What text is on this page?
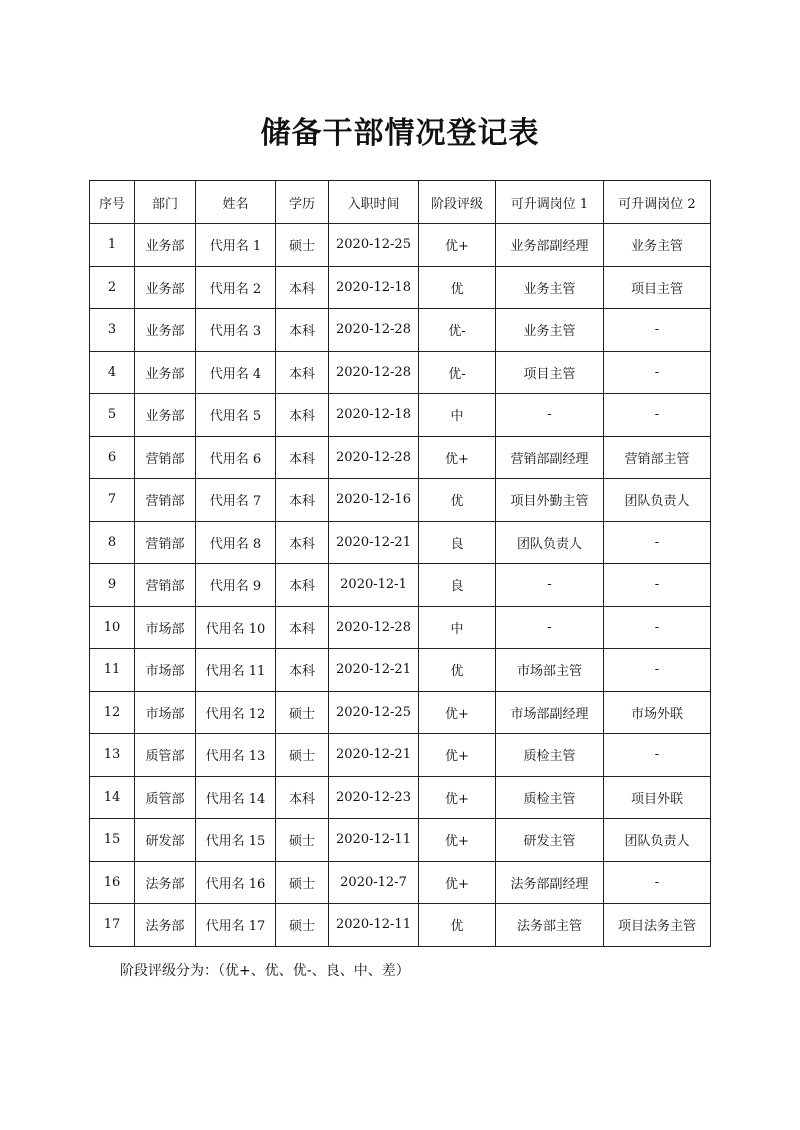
储备干部情况登记表
序号	部门	姓名	学历	入职时间	阶段评级	可升调岗位 1	可升调岗位 2
1	业务部	代用名 1	硕士	2020-12-25	优+	业务部副经理	业务主管
2	业务部	代用名 2	本科	2020-12-18	优	业务主管	项目主管
3	业务部	代用名 3	本科	2020-12-28	优-	业务主管	-
4	业务部	代用名 4	本科	2020-12-28	优-	项目主管	-
5	业务部	代用名 5	本科	2020-12-18	中	-	-
6	营销部	代用名 6	本科	2020-12-28	优+	营销部副经理	营销部主管
7	营销部	代用名 7	本科	2020-12-16	优	项目外勤主管	团队负责人
8	营销部	代用名 8	本科	2020-12-21	良	团队负责人	-
9	营销部	代用名 9	本科	2020-12-1	良	-	-
10	市场部	代用名 10	本科	2020-12-28	中	-	-
11	市场部	代用名 11	本科	2020-12-21	优	市场部主管	-
12	市场部	代用名 12	硕士	2020-12-25	优+	市场部副经理	市场外联
13	质管部	代用名 13	硕士	2020-12-21	优+	质检主管	-
14	质管部	代用名 14	本科	2020-12-23	优+	质检主管	项目外联
15	研发部	代用名 15	硕士	2020-12-11	优+	研发主管	团队负责人
16	法务部	代用名 16	硕士	2020-12-7	优+	法务部副经理	-
17	法务部	代用名 17	硕士	2020-12-11	优	法务部主管	项目法务主管
阶段评级分为：（优+、优、优-、良、中、差）
